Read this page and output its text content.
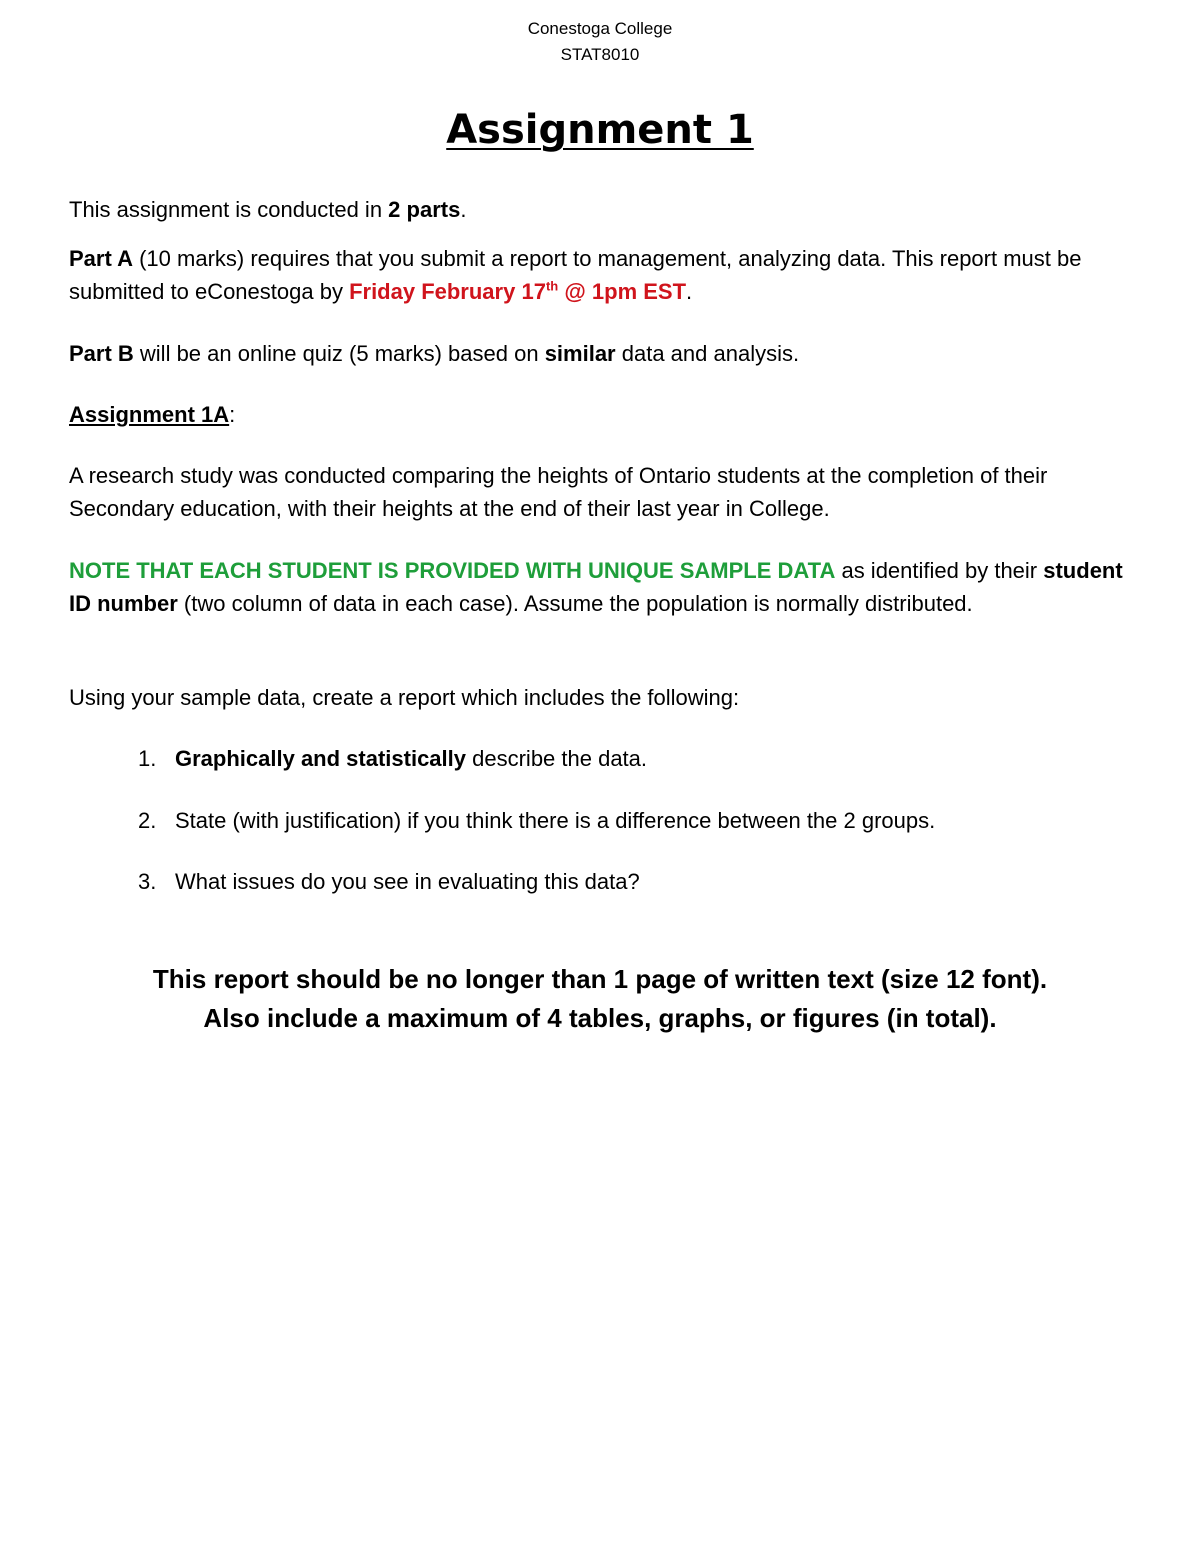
Conestoga College
STAT8010
Assignment 1

This assignment is conducted in 2 parts.

Part A (10 marks) requires that you submit a report to management, analyzing data. This report must be submitted to eConestoga by Friday February 17th @ 1pm EST.

Part B will be an online quiz (5 marks) based on similar data and analysis.

Assignment 1A:

A research study was conducted comparing the heights of Ontario students at the completion of their Secondary education, with their heights at the end of their last year in College.

NOTE THAT EACH STUDENT IS PROVIDED WITH UNIQUE SAMPLE DATA as identified by their student ID number (two column of data in each case). Assume the population is normally distributed.

Using your sample data, create a report which includes the following:

1. Graphically and statistically describe the data.
2. State (with justification) if you think there is a difference between the 2 groups.
3. What issues do you see in evaluating this data?
This report should be no longer than 1 page of written text (size 12 font).
Also include a maximum of 4 tables, graphs, or figures (in total).
